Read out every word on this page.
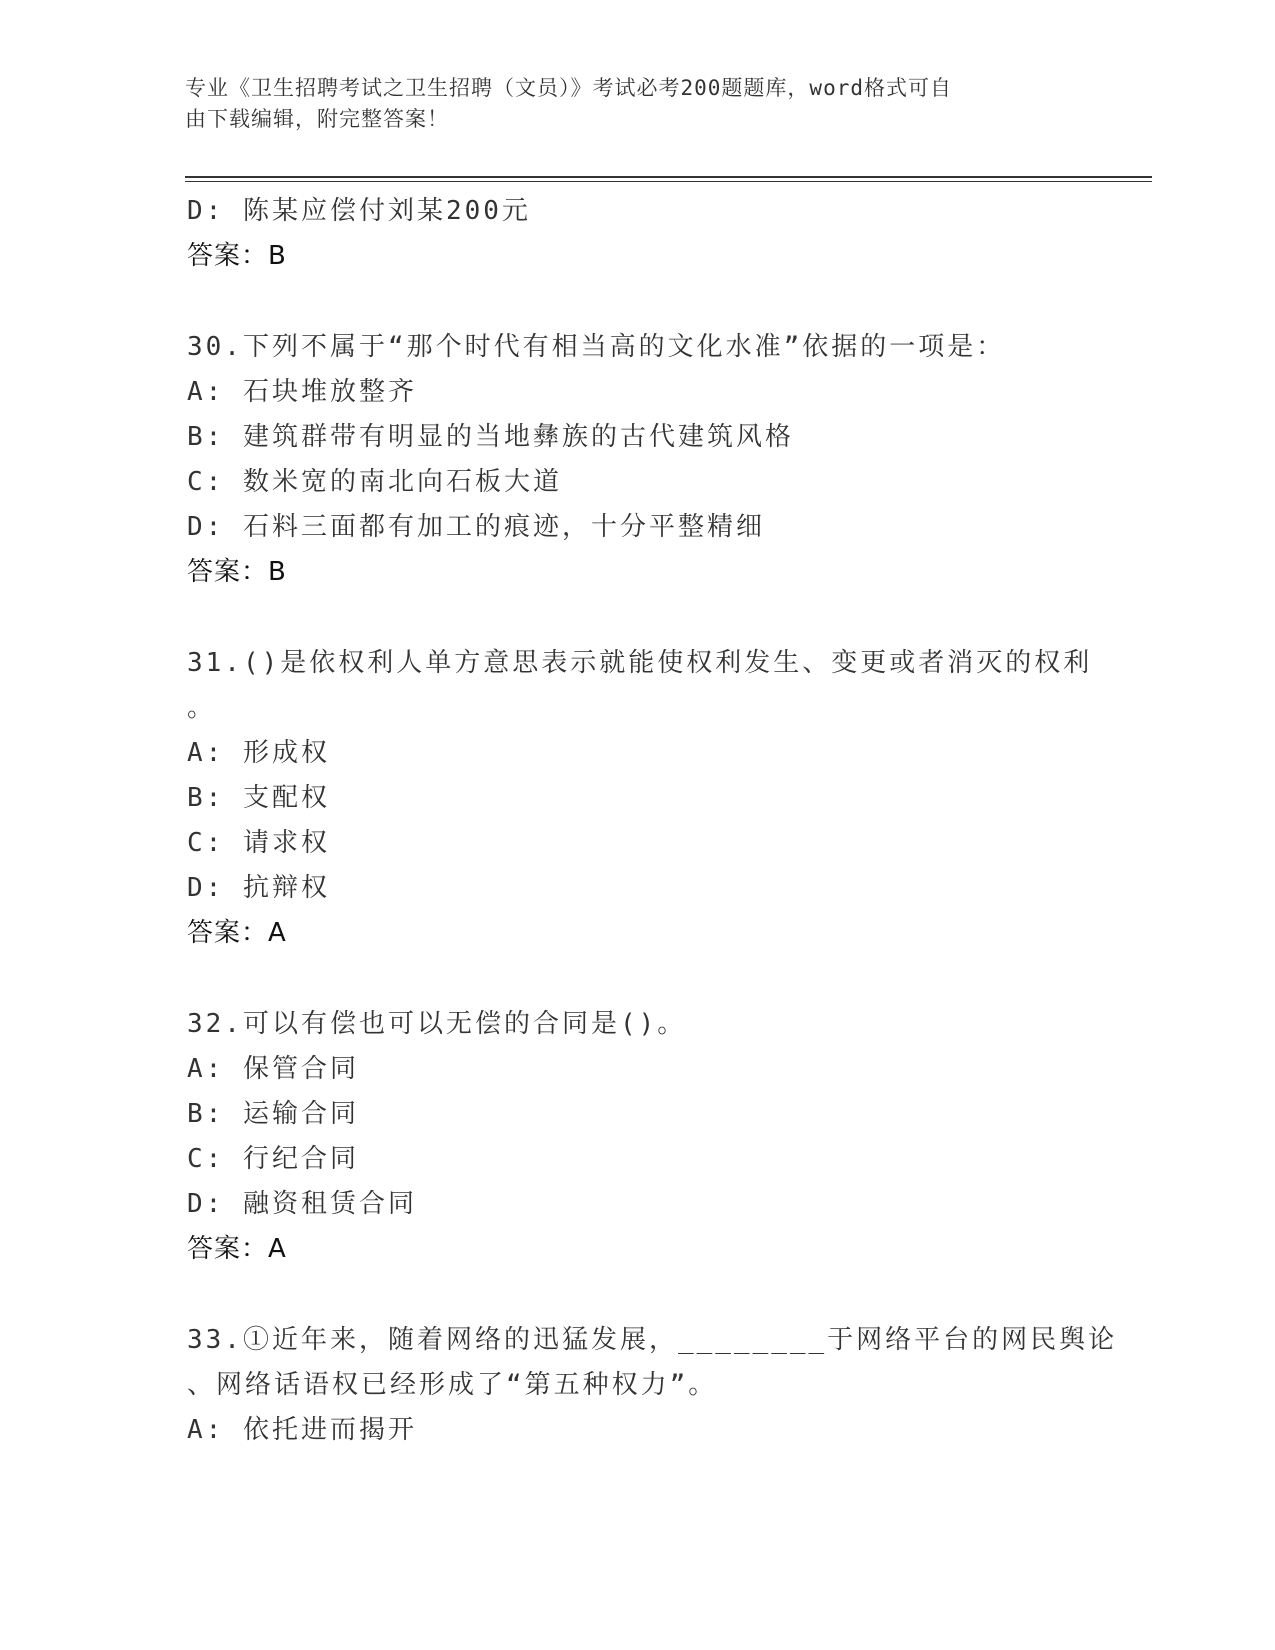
专业《卫生招聘考试之卫生招聘（文员）》考试必考200题题库，word格式可自
由下载编辑，附完整答案！
D: 陈某应偿付刘某200元
答案：B
30.下列不属于“那个时代有相当高的文化水准”依据的一项是：
A: 石块堆放整齐
B: 建筑群带有明显的当地彝族的古代建筑风格
C: 数米宽的南北向石板大道
D: 石料三面都有加工的痕迹，十分平整精细
答案：B
31.()是依权利人单方意思表示就能使权利发生、变更或者消灭的权利
。
A: 形成权
B: 支配权
C: 请求权
D: 抗辩权
答案：A
32.可以有偿也可以无偿的合同是()。
A: 保管合同
B: 运输合同
C: 行纪合同
D: 融资租赁合同
答案：A
33.①近年来，随着网络的迅猛发展，________于网络平台的网民舆论
、网络话语权已经形成了“第五种权力”。
A: 依托进而揭开
